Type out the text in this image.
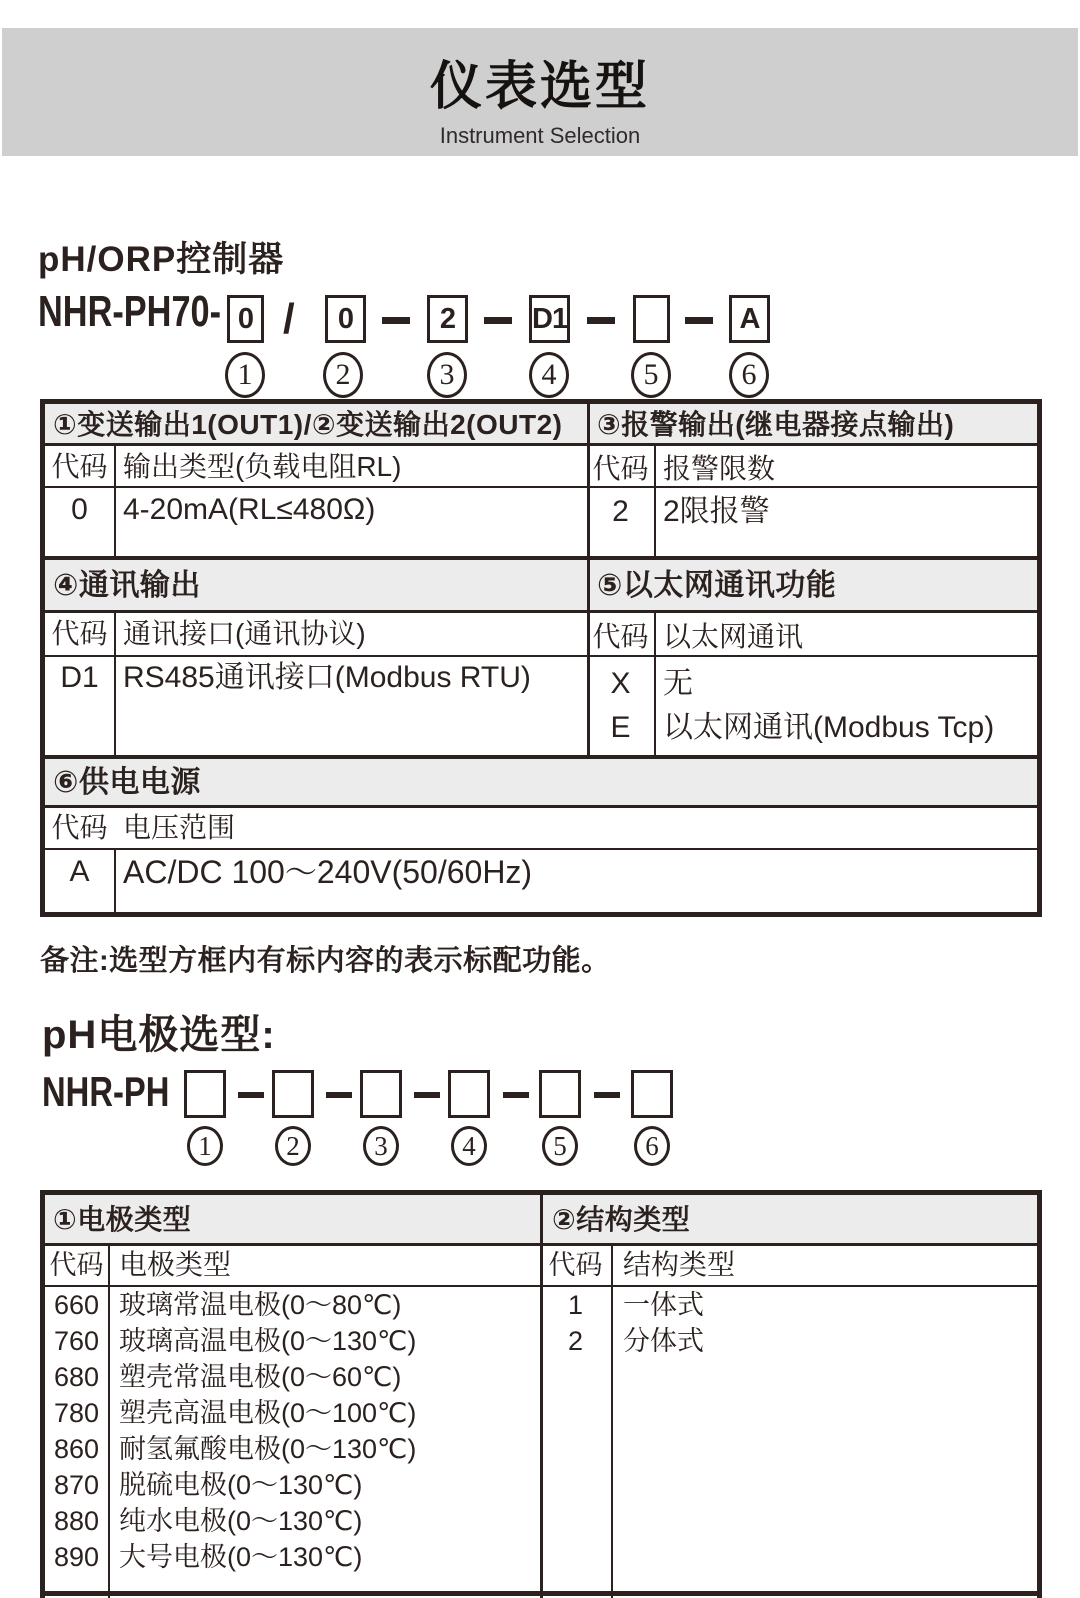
仪表选型
Instrument Selection
pH/ORP控制器
NHR-PH70- 0 /	0	2	D1	A
1	2	3	4	5	6
①变送输出1(OUT1)/②变送输出2(OUT2) ③报警输出(继电器接点输出)
代码 输出类型(负载电阻RL)	代码 报警限数
0	4-20mA(RL≤480Ω)	2	2限报警
④通讯输出	⑤以太网通讯功能
代码 通讯接口(通讯协议)	代码 以太网通讯
D1 RS485通讯接口(Modbus RTU)	X	无
E	以太网通讯(Modbus Tcp)
⑥供电电源
代码 电压范围
A	AC/DC 100～240V(50/60Hz)
备注:选型方框内有标内容的表示标配功能。
pH电极选型:
NHR-PH
1	2	3	4	5	6
①电极类型	②结构类型
代码 电极类型	代码 结构类型
660 玻璃常温电极(0～80℃)
760 玻璃高温电极(0～130℃)
680 塑壳常温电极(0～60℃)
780 塑壳高温电极(0～100℃)
860 耐氢氟酸电极(0～130℃)
870 脱硫电极(0～130℃)
880 纯水电极(0～130℃)
890 大号电极(0～130℃)
1	一体式
2	分体式
